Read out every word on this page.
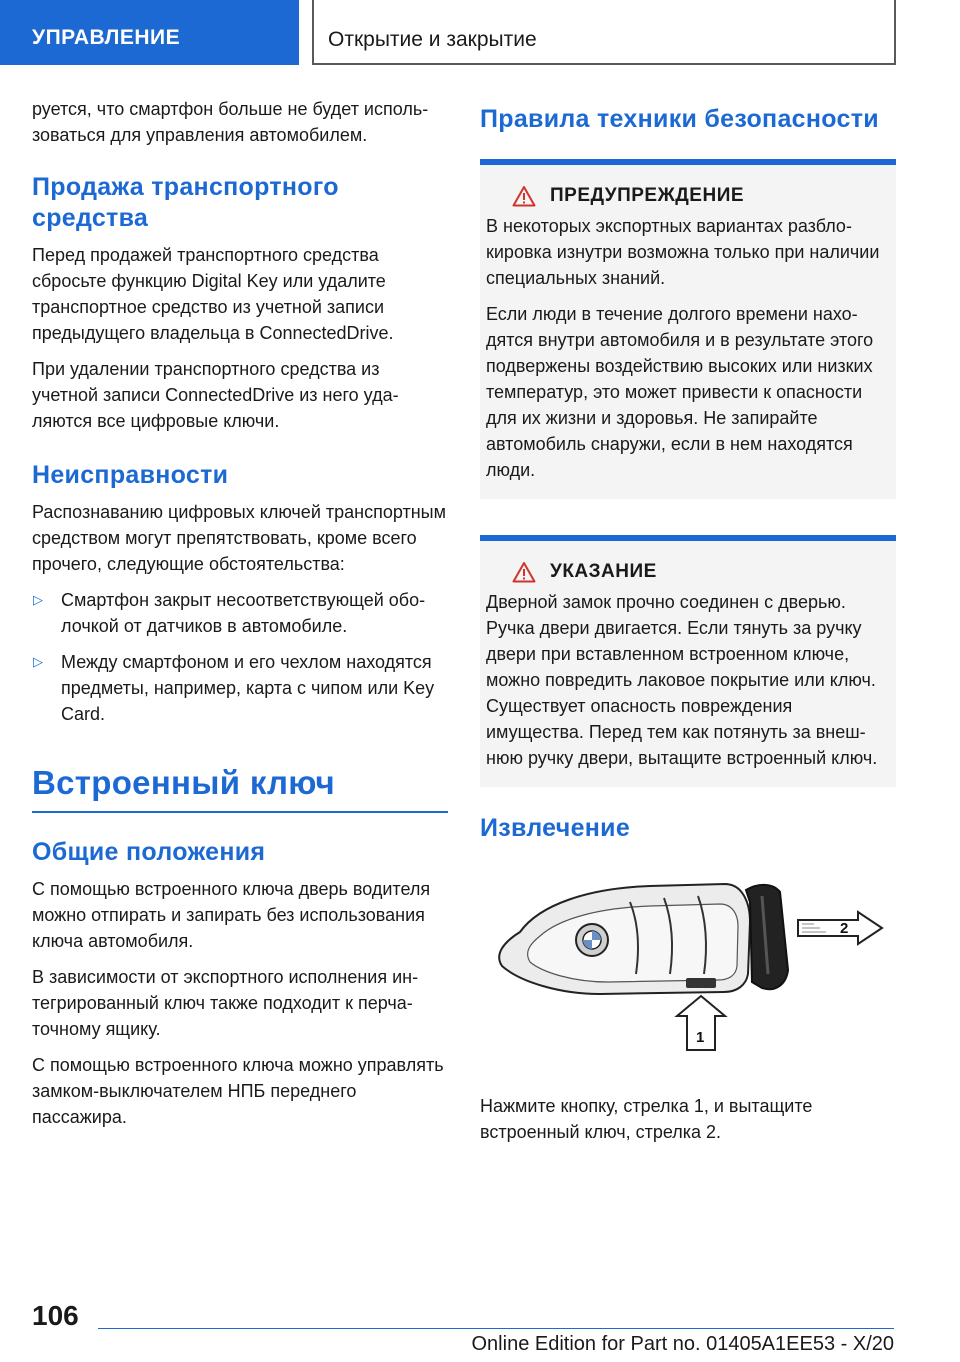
УПРАВЛЕНИЕ	Открытие и закрытие

руется, что смартфон больше не будет использоваться для управления автомобилем.

Продажа транспортного средства

Перед продажей транспортного средства сбросьте функцию Digital Key или удалите транспортное средство из учетной записи предыдущего владельца в ConnectedDrive.

При удалении транспортного средства из учетной записи ConnectedDrive из него удаляются все цифровые ключи.

Неисправности

Распознаванию цифровых ключей транспортным средством могут препятствовать, кроме всего прочего, следующие обстоятельства:

▷ Смартфон закрыт несоответствующей оболочкой от датчиков в автомобиле.
▷ Между смартфоном и его чехлом находятся предметы, например, карта с чипом или Key Card.
Встроенный ключ
Общие положения

С помощью встроенного ключа дверь водителя можно отпирать и запирать без использования ключа автомобиля.

В зависимости от экспортного исполнения интегрированный ключ также подходит к перчаточному ящику.

С помощью встроенного ключа можно управлять замком-выключателем НПБ переднего пассажира.

Правила техники безопасности
ПРЕДУПРЕЖДЕНИЕ

В некоторых экспортных вариантах разблокировка изнутри возможна только при наличии специальных знаний.

Если люди в течение долгого времени находятся внутри автомобиля и в результате этого подвержены воздействию высоких или низких температур, это может привести к опасности для их жизни и здоровья. Не запирайте автомобиль снаружи, если в нем находятся люди.

УКАЗАНИЕ

Дверной замок прочно соединен с дверью. Ручка двери двигается. Если тянуть за ручку двери при вставленном встроенном ключе, можно повредить лаковое покрытие или ключ. Существует опасность повреждения имущества. Перед тем как потянуть за внешнюю ручку двери, вытащите встроенный ключ.

Извлечение
2
1

Нажмите кнопку, стрелка 1, и вытащите встроенный ключ, стрелка 2.

106
Online Edition for Part no. 01405A1EE53 - X/20
